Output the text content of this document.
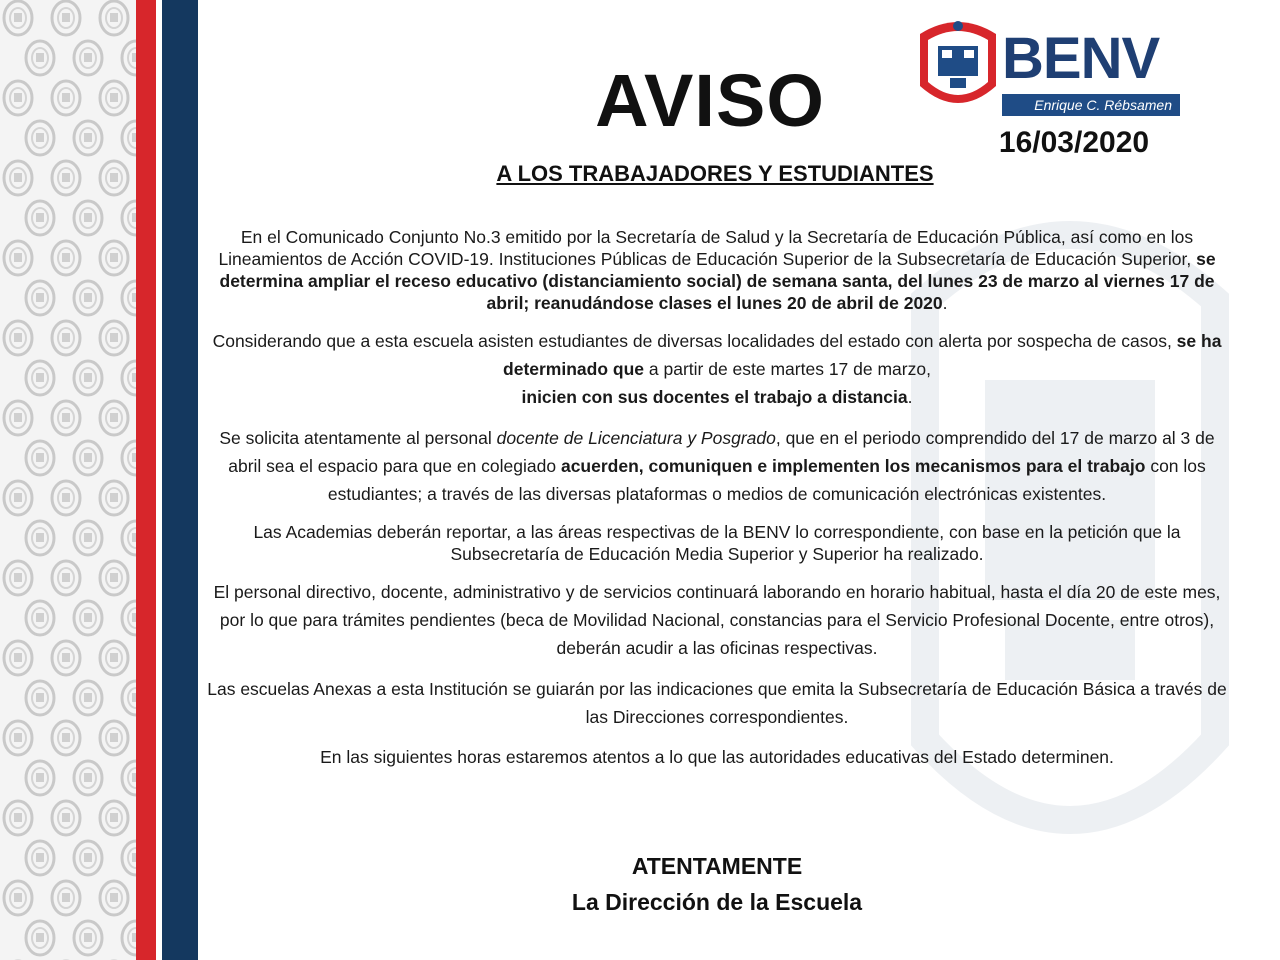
AVISO
BENV
Enrique C. Rébsamen
16/03/2020
A LOS TRABAJADORES Y ESTUDIANTES

En el Comunicado Conjunto No.3 emitido por la Secretaría de Salud y la Secretaría de Educación Pública, así como en los Lineamientos de Acción COVID-19. Instituciones Públicas de Educación Superior de la Subsecretaría de Educación Superior, se determina ampliar el receso educativo (distanciamiento social) de semana santa, del lunes 23 de marzo al viernes 17 de abril; reanudándose clases el lunes 20 de abril de 2020.

Considerando que a esta escuela asisten estudiantes de diversas localidades del estado con alerta por sospecha de casos, se ha determinado que a partir de este martes 17 de marzo,
inicien con sus docentes el trabajo a distancia.

Se solicita atentamente al personal docente de Licenciatura y Posgrado, que en el periodo comprendido del 17 de marzo al 3 de abril sea el espacio para que en colegiado acuerden, comuniquen e implementen los mecanismos para el trabajo con los estudiantes; a través de las diversas plataformas o medios de comunicación electrónicas existentes.

Las Academias deberán reportar, a las áreas respectivas de la BENV lo correspondiente, con base en la petición que la Subsecretaría de Educación Media Superior y Superior ha realizado.

El personal directivo, docente, administrativo y de servicios continuará laborando en horario habitual, hasta el día 20 de este mes, por lo que para trámites pendientes (beca de Movilidad Nacional, constancias para el Servicio Profesional Docente, entre otros), deberán acudir a las oficinas respectivas.

Las escuelas Anexas a esta Institución se guiarán por las indicaciones que emita la Subsecretaría de Educación Básica a través de las Direcciones correspondientes.

En las siguientes horas estaremos atentos a lo que las autoridades educativas del Estado determinen.

ATENTAMENTE
La Dirección de la Escuela
